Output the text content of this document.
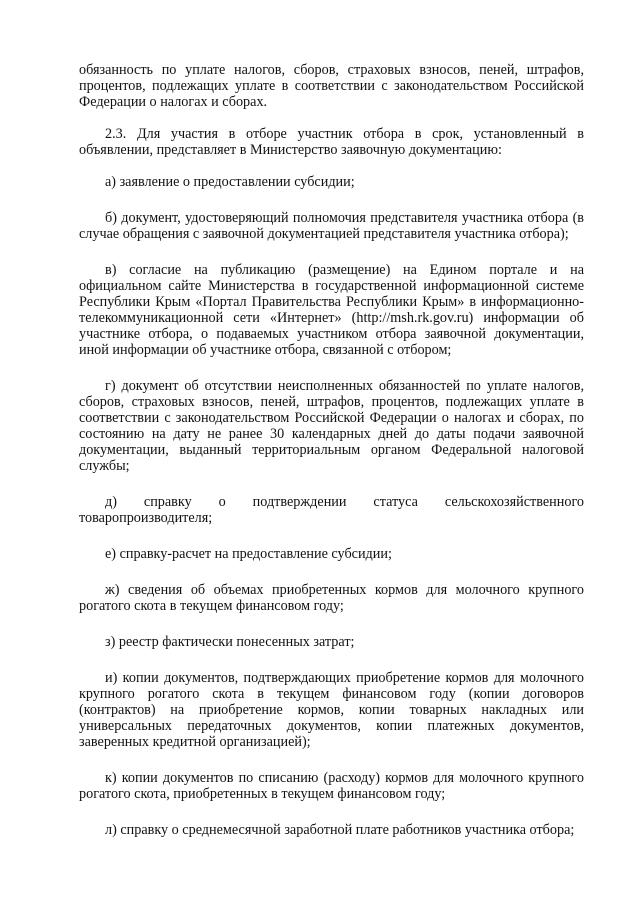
обязанность по уплате налогов, сборов, страховых взносов, пеней, штрафов, процентов, подлежащих уплате в соответствии с законодательством Российской Федерации о налогах и сборах.

2.3. Для участия в отборе участник отбора в срок, установленный в объявлении, представляет в Министерство заявочную документацию:

а) заявление о предоставлении субсидии;

б) документ, удостоверяющий полномочия представителя участника отбора (в случае обращения с заявочной документацией представителя участника отбора);

в) согласие на публикацию (размещение) на Едином портале и на официальном сайте Министерства в государственной информационной системе Республики Крым «Портал Правительства Республики Крым» в информационно-телекоммуникационной сети «Интернет» (http://msh.rk.gov.ru) информации об участнике отбора, о подаваемых участником отбора заявочной документации, иной информации об участнике отбора, связанной с отбором;

г) документ об отсутствии неисполненных обязанностей по уплате налогов, сборов, страховых взносов, пеней, штрафов, процентов, подлежащих уплате в соответствии с законодательством Российской Федерации о налогах и сборах, по состоянию на дату не ранее 30 календарных дней до даты подачи заявочной документации, выданный территориальным органом Федеральной налоговой службы;

д) справку о подтверждении статуса сельскохозяйственного товаропроизводителя;

е) справку-расчет на предоставление субсидии;

ж) сведения об объемах приобретенных кормов для молочного крупного рогатого скота в текущем финансовом году;

з) реестр фактически понесенных затрат;

и) копии документов, подтверждающих приобретение кормов для молочного крупного рогатого скота в текущем финансовом году (копии договоров (контрактов) на приобретение кормов, копии товарных накладных или универсальных передаточных документов, копии платежных документов, заверенных кредитной организацией);

к) копии документов по списанию (расходу) кормов для молочного крупного рогатого скота, приобретенных в текущем финансовом году;

л) справку о среднемесячной заработной плате работников участника отбора;
